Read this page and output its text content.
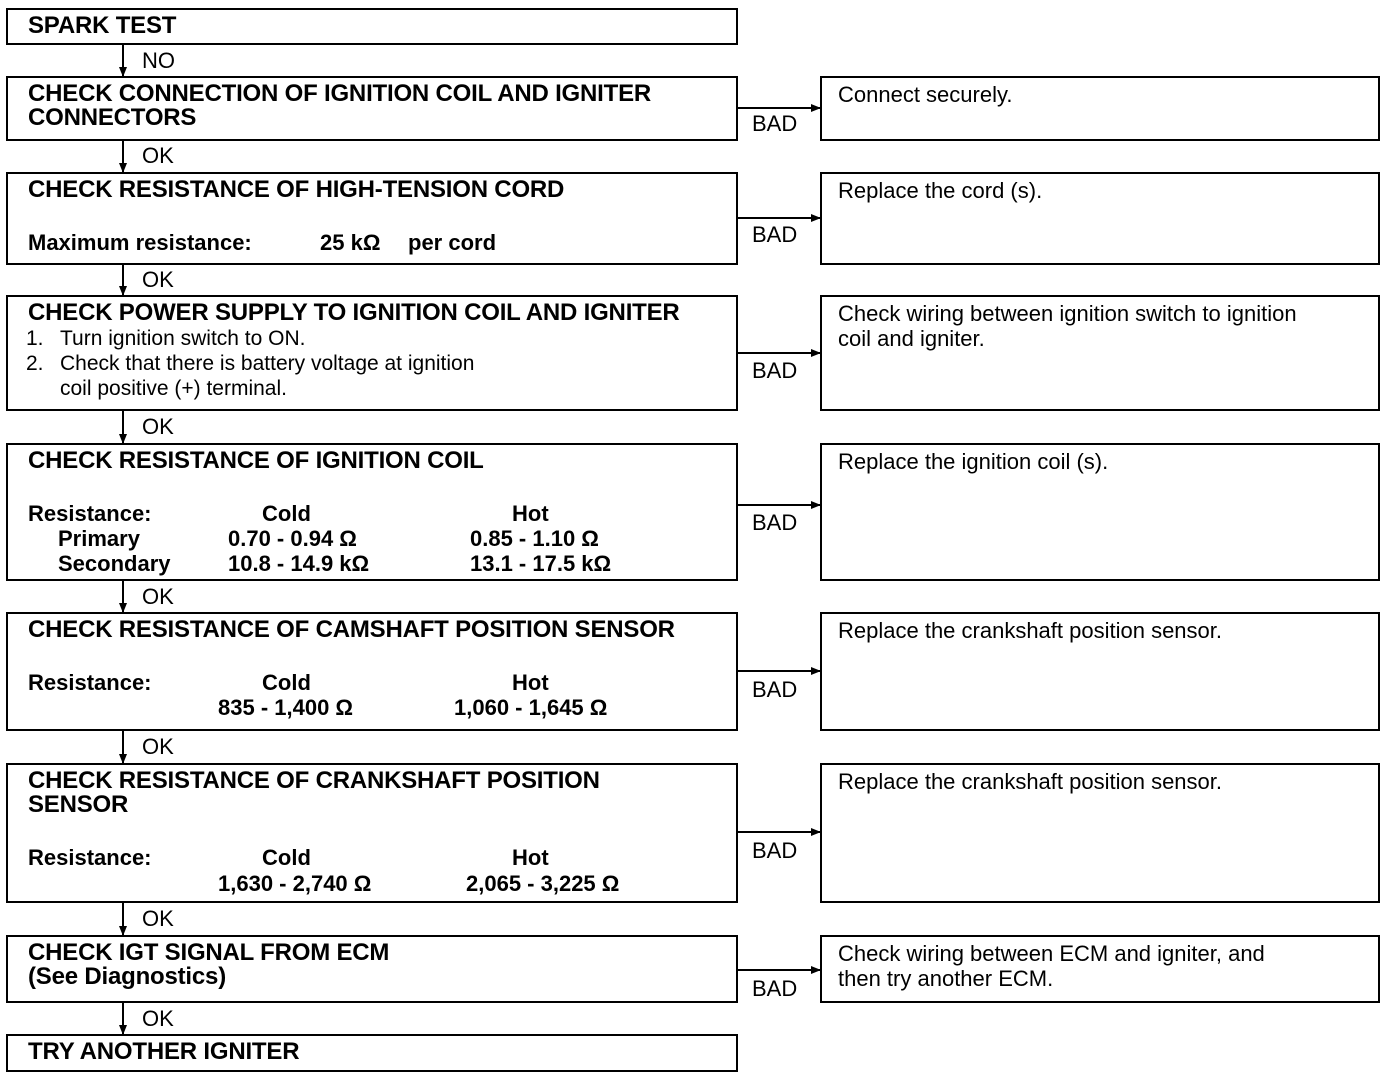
NO
OK
OK
OK
OK
OK
OK
OK
BAD
BAD
BAD
BAD
BAD
BAD
BAD
SPARK TEST
CHECK CONNECTION OF IGNITION COIL AND IGNITER
CONNECTORS
Connect securely.
CHECK RESISTANCE OF HIGH-TENSION CORD
Maximum resistance:	25 kΩ per cord
Replace the cord (s).
CHECK POWER SUPPLY TO IGNITION COIL AND IGNITER
1. Turn ignition switch to ON.
2. Check that there is battery voltage at ignition
coil positive (+) terminal.
Check wiring between ignition switch to ignition
coil and igniter.
CHECK RESISTANCE OF IGNITION COIL
Resistance:	Cold	Hot
Primary	0.70 - 0.94 Ω	0.85 - 1.10 Ω
Secondary	10.8 - 14.9 kΩ	13.1 - 17.5 kΩ
Replace the ignition coil (s).
CHECK RESISTANCE OF CAMSHAFT POSITION SENSOR
Resistance:	Cold	Hot
835 - 1,400 Ω	1,060 - 1,645 Ω
Replace the crankshaft position sensor.
CHECK RESISTANCE OF CRANKSHAFT POSITION
SENSOR
Resistance:	Cold	Hot
1,630 - 2,740 Ω	2,065 - 3,225 Ω
Replace the crankshaft position sensor.
CHECK IGT SIGNAL FROM ECM
(See Diagnostics)
Check wiring between ECM and igniter, and
then try another ECM.
TRY ANOTHER IGNITER
